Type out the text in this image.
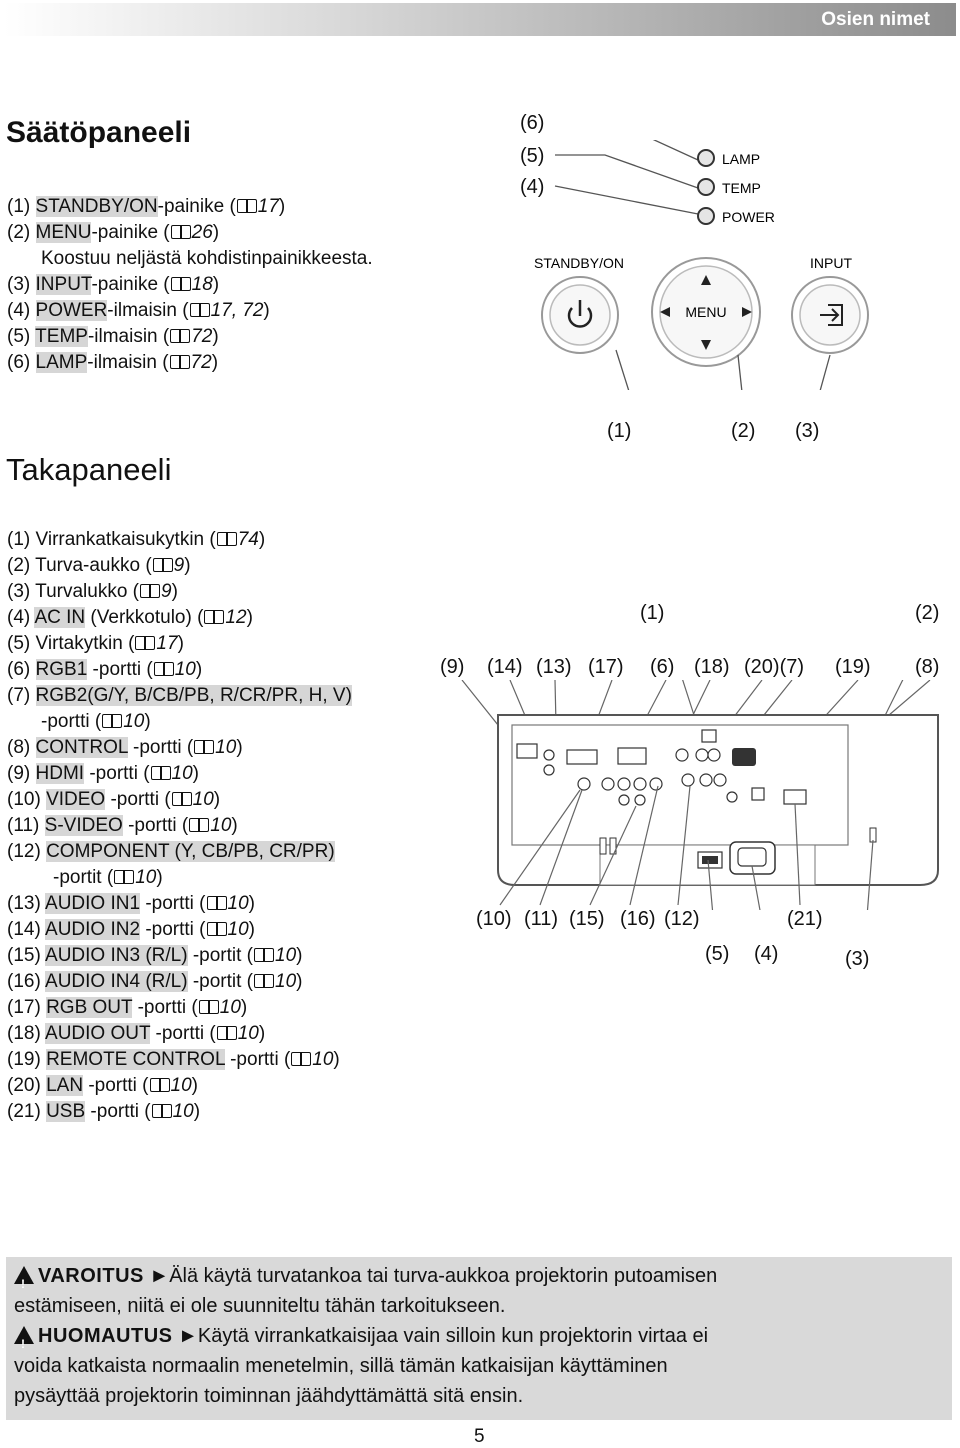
Osien nimet
Säätöpaneeli
(1) STANDBY/ON-painike ( 17)
(2) MENU-painike ( 26)
Koostuu neljästä kohdistinpainikkeesta.
(3) INPUT-painike ( 18)
(4) POWER-ilmaisin ( 17, 72)
(5) TEMP-ilmaisin ( 72)
(6) LAMP-ilmaisin ( 72)
(6)
(5)
(4)
LAMP
TEMP
POWER
STANDBY/ON	INPUT
MENU
(1)	(2) (3)
Takapaneeli
(1) Virrankatkaisukytkin ( 74)
(2) Turva-aukko ( 9)
(3) Turvalukko ( 9)
(4) AC IN (Verkkotulo) ( 12)
(5) Virtakytkin ( 17)
(6) RGB1 -portti ( 10)
(7) RGB2(G/Y, B/CB/PB, R/CR/PR, H, V)
-portti ( 10)
(8) CONTROL -portti ( 10)
(9) HDMI -portti ( 10)
(10) VIDEO -portti ( 10)
(11) S-VIDEO -portti ( 10)
(12) COMPONENT (Y, CB/PB, CR/PR)
-portit ( 10)
(13) AUDIO IN1 -portti ( 10)
(14) AUDIO IN2 -portti ( 10)
(15) AUDIO IN3 (R/L) -portit ( 10)
(16) AUDIO IN4 (R/L) -portit ( 10)
(17) RGB OUT -portti ( 10)
(18) AUDIO OUT -portti ( 10)
(19) REMOTE CONTROL -portti ( 10)
(20) LAN -portti ( 10)
(21) USB -portti ( 10)
(1)	(2)
(9) (14) (13) (17) (6) (18) (20)(7) (19) (8)
(10) (11) (15) (16) (12)	(21)
(5) (4)	(3)
!VAROITUS ►Älä käytä turvatankoa tai turva-aukkoa projektorin putoamisen
estämiseen, niitä ei ole suunniteltu tähän tarkoitukseen.
!HUOMAUTUS ►Käytä virrankatkaisijaa vain silloin kun projektorin virtaa ei
voida katkaista normaalin menetelmin, sillä tämän katkaisijan käyttäminen
pysäyttää projektorin toiminnan jäähdyttämättä sitä ensin.
5
